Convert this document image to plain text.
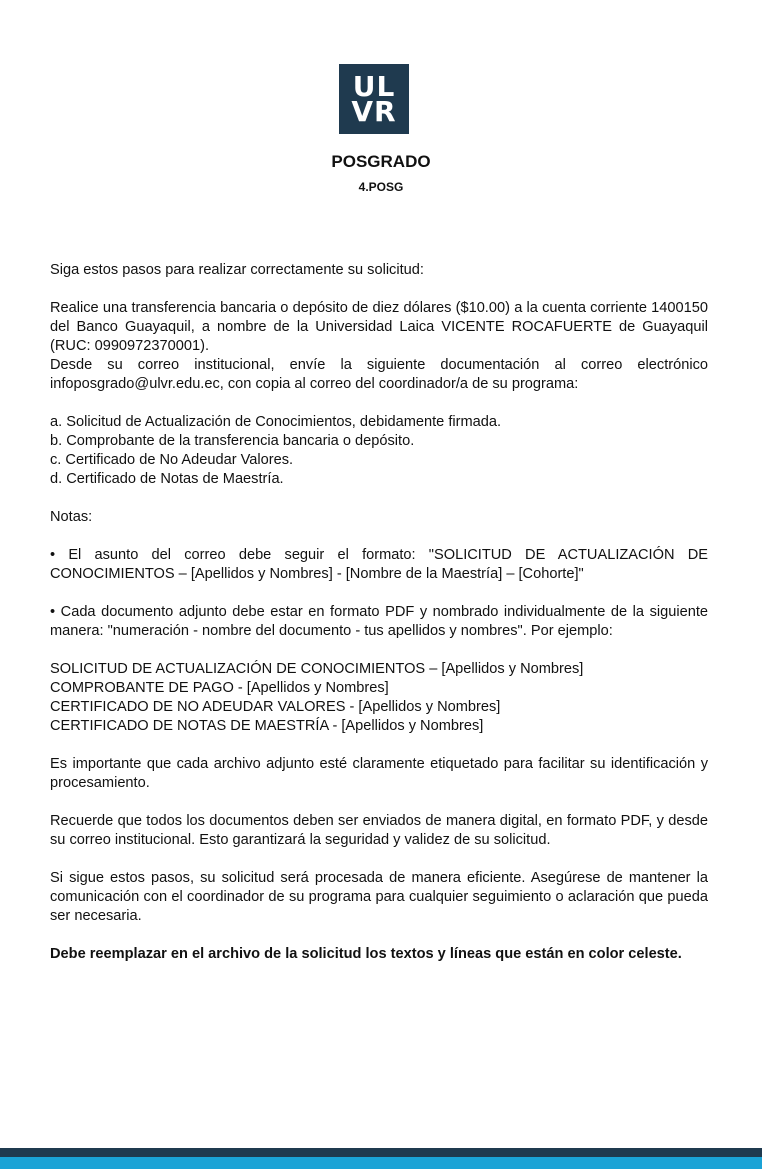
UL
VR
POSGRADO
4.POSG

Siga estos pasos para realizar correctamente su solicitud:

Realice una transferencia bancaria o depósito de diez dólares ($10.00) a la cuenta corriente 1400150 del Banco Guayaquil, a nombre de la Universidad Laica VICENTE ROCAFUERTE de Guayaquil (RUC: 0990972370001).

Desde su correo institucional, envíe la siguiente documentación al correo electrónico infoposgrado@ulvr.edu.ec, con copia al correo del coordinador/a de su programa:

a. Solicitud de Actualización de Conocimientos, debidamente firmada.

b. Comprobante de la transferencia bancaria o depósito.

c. Certificado de No Adeudar Valores.

d. Certificado de Notas de Maestría.

Notas:

• El asunto del correo debe seguir el formato: "SOLICITUD DE ACTUALIZACIÓN DE CONOCIMIENTOS – [Apellidos y Nombres] - [Nombre de la Maestría] – [Cohorte]"

• Cada documento adjunto debe estar en formato PDF y nombrado individualmente de la siguiente manera: "numeración - nombre del documento - tus apellidos y nombres". Por ejemplo:

SOLICITUD DE ACTUALIZACIÓN DE CONOCIMIENTOS – [Apellidos y Nombres]

COMPROBANTE DE PAGO - [Apellidos y Nombres]

CERTIFICADO DE NO ADEUDAR VALORES - [Apellidos y Nombres]

CERTIFICADO DE NOTAS DE MAESTRÍA - [Apellidos y Nombres]

Es importante que cada archivo adjunto esté claramente etiquetado para facilitar su identificación y procesamiento.

Recuerde que todos los documentos deben ser enviados de manera digital, en formato PDF, y desde su correo institucional. Esto garantizará la seguridad y validez de su solicitud.

Si sigue estos pasos, su solicitud será procesada de manera eficiente. Asegúrese de mantener la comunicación con el coordinador de su programa para cualquier seguimiento o aclaración que pueda ser necesaria.

Debe reemplazar en el archivo de la solicitud los textos y líneas que están en color celeste.
